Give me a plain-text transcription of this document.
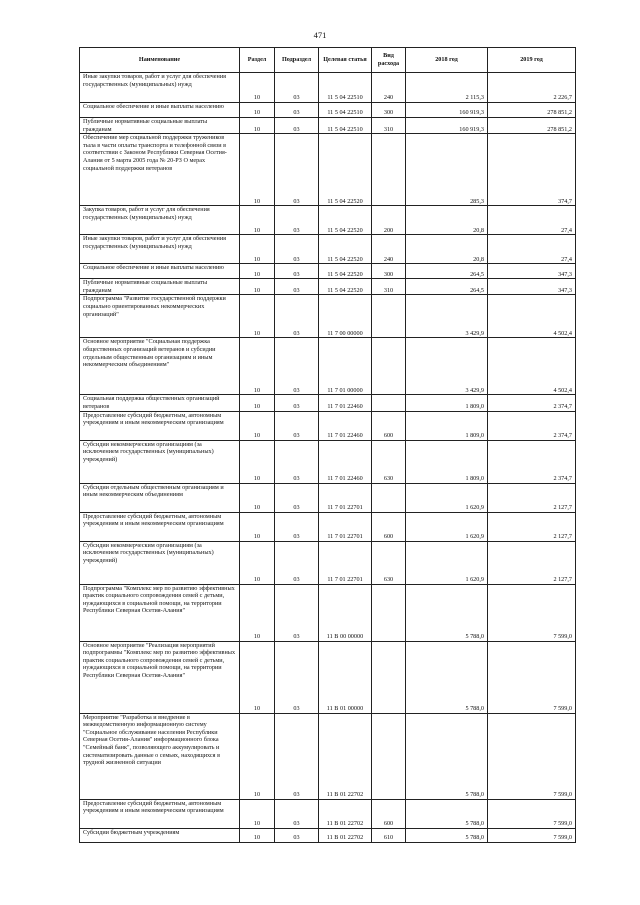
471
Наименование	Раздел	Подраздел	Целевая статья	Вид расхода	2018 год	2019 год
Иные закупки товаров, работ и услуг для обеспечения государственных (муниципальных) нужд	10	03	11 5 04 22510	240	2 115,3	2 226,7
Социальное обеспечение и иные выплаты населению	10	03	11 5 04 22510	300	160 919,3	278 851,2
Публичные нормативные социальные выплаты гражданам	10	03	11 5 04 22510	310	160 919,3	278 851,2
Обеспечение мер социальной поддержки тружеников тыла в части оплаты транспорта и телефонной связи в соответствии с Законом Республики Северная Осетия-Алания от 5 марта 2005 года № 20-РЗ О мерах социальной поддержки ветеранов	10	03	11 5 04 22520		285,3	374,7
Закупка товаров, работ и услуг для обеспечения государственных (муниципальных) нужд	10	03	11 5 04 22520	200	20,8	27,4
Иные закупки товаров, работ и услуг для обеспечения государственных (муниципальных) нужд	10	03	11 5 04 22520	240	20,8	27,4
Социальное обеспечение и иные выплаты населению	10	03	11 5 04 22520	300	264,5	347,3
Публичные нормативные социальные выплаты гражданам	10	03	11 5 04 22520	310	264,5	347,3
Подпрограмма "Развитие государственной поддержки социально ориентированных некоммерческих организаций"	10	03	11 7 00 00000		3 429,9	4 502,4
Основное мероприятие "Социальная поддержка общественных организаций ветеранов и субсидии отдельным общественным организациям и иным некоммерческим объединениям"	10	03	11 7 01 00000		3 429,9	4 502,4
Социальная поддержка общественных организаций ветеранов	10	03	11 7 01 22460		1 809,0	2 374,7
Предоставление субсидий бюджетным, автономным учреждениям и иным некоммерческим организациям	10	03	11 7 01 22460	600	1 809,0	2 374,7
Субсидии некоммерческим организациям (за исключением государственных (муниципальных) учреждений)	10	03	11 7 01 22460	630	1 809,0	2 374,7
Субсидии отдельным общественным организациям и иным некоммерческим объединениям	10	03	11 7 01 22701		1 620,9	2 127,7
Предоставление субсидий бюджетным, автономным учреждениям и иным некоммерческим организациям	10	03	11 7 01 22701	600	1 620,9	2 127,7
Субсидии некоммерческим организациям (за исключением государственных (муниципальных) учреждений)	10	03	11 7 01 22701	630	1 620,9	2 127,7
Подпрограмма "Комплекс мер по развитию эффективных практик социального сопровождения семей с детьми, нуждающихся в социальной помощи, на территории Республики Северная Осетия-Алания"	10	03	11 В 00 00000		5 788,0	7 599,0
Основное мероприятие "Реализация мероприятий подпрограммы "Комплекс мер по развитию эффективных практик социального сопровождения семей с детьми, нуждающихся в социальной помощи, на территории Республики Северная Осетия-Алания"	10	03	11 В 01 00000		5 788,0	7 599,0
Мероприятие "Разработка и внедрение в межведомственную информационную систему "Социальное обслуживание населения Республики Северная Осетия-Алания" информационного блока "Семейный банк", позволяющего аккумулировать и систематизировать данные о семьях, находящихся в трудной жизненной ситуации	10	03	11 В 01 22702		5 788,0	7 599,0
Предоставление субсидий бюджетным, автономным учреждениям и иным некоммерческим организациям	10	03	11 В 01 22702	600	5 788,0	7 599,0
Субсидии бюджетным учреждениям	10	03	11 В 01 22702	610	5 788,0	7 599,0
